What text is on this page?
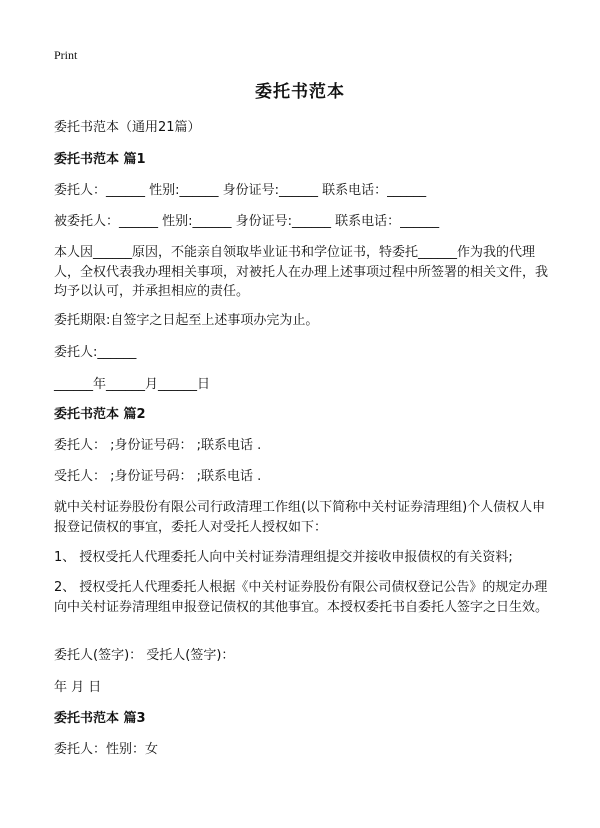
Print
委托书范本
委托书范本（通用21篇）
委托书范本 篇1
委托人：______ 性别:______ 身份证号:______ 联系电话：______
被委托人：______ 性别:______ 身份证号:______ 联系电话：______
本人因______原因，不能亲自领取毕业证书和学位证书，特委托______作为我的代理人，全权代表我办理相关事项，对被托人在办理上述事项过程中所签署的相关文件，我均予以认可，并承担相应的责任。
委托期限:自签字之日起至上述事项办完为止。
委托人:______
______年______月______日
委托书范本 篇2
委托人： ;身份证号码： ;联系电话 .
受托人： ;身份证号码： ;联系电话 .
就中关村证券股份有限公司行政清理工作组(以下简称中关村证券清理组)个人债权人申报登记债权的事宜，委托人对受托人授权如下：
1、 授权受托人代理委托人向中关村证券清理组提交并接收申报债权的有关资料;
2、 授权受托人代理委托人根据《中关村证券股份有限公司债权登记公告》的规定办理向中关村证券清理组申报登记债权的其他事宜。本授权委托书自委托人签字之日生效。
委托人(签字)： 受托人(签字)：
年 月 日
委托书范本 篇3
委托人：性别：女
